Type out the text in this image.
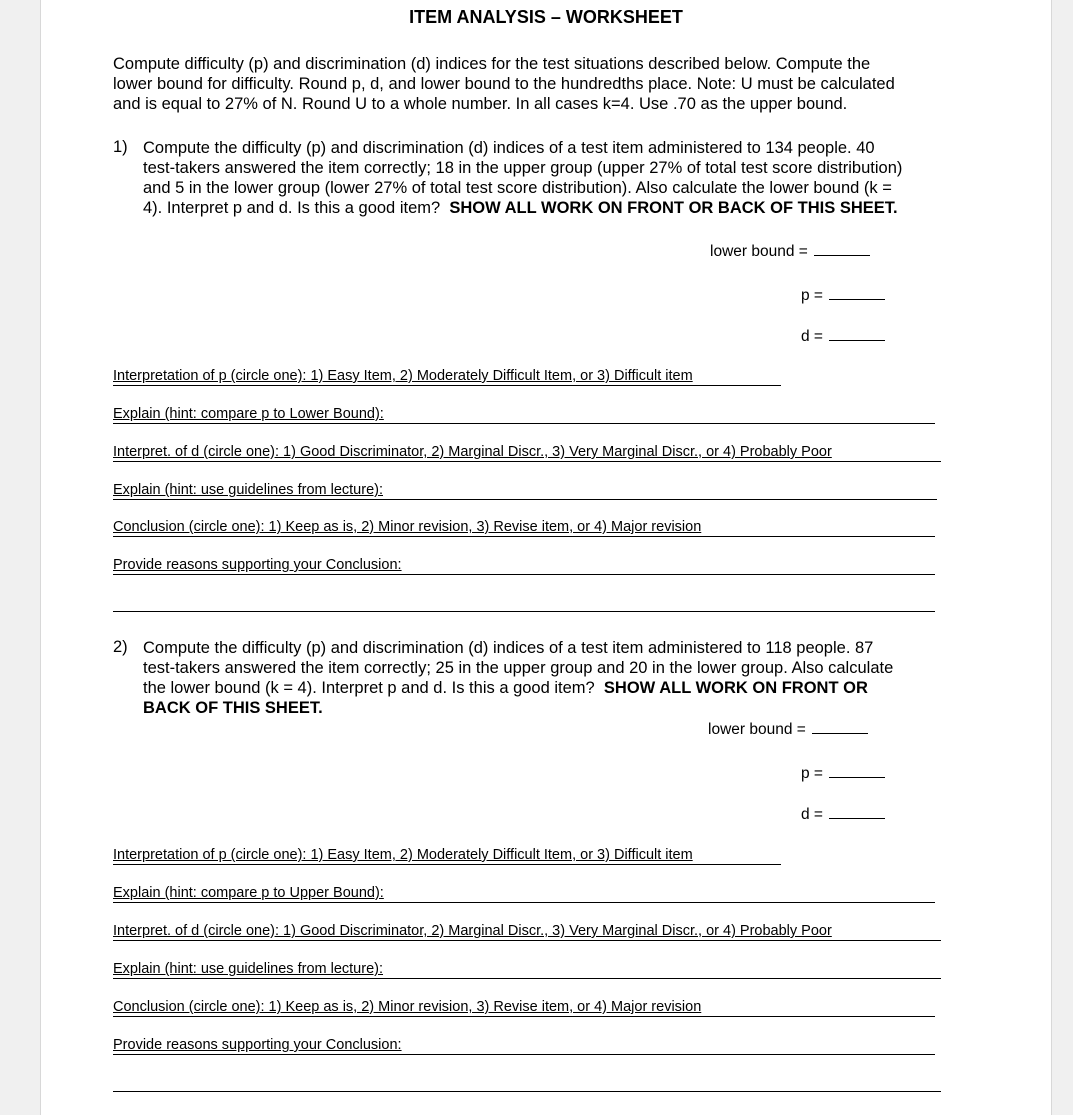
ITEM ANALYSIS – WORKSHEET

Compute difficulty (p) and discrimination (d) indices for the test situations described below. Compute the

lower bound for difficulty. Round p, d, and lower bound to the hundredths place. Note: U must be calculated

and is equal to 27% of N. Round U to a whole number. In all cases k=4. Use .70 as the upper bound.

1) Compute the difficulty (p) and discrimination (d) indices of a test item administered to 134 people. 40

test-takers answered the item correctly; 18 in the upper group (upper 27% of total test score distribution)

and 5 in the lower group (lower 27% of total test score distribution). Also calculate the lower bound (k =

4). Interpret p and d. Is this a good item? SHOW ALL WORK ON FRONT OR BACK OF THIS SHEET.

lower bound =
p =
d =
Interpretation of p (circle one): 1) Easy Item, 2) Moderately Difficult Item, or 3) Difficult item
Explain (hint: compare p to Lower Bound):
Interpret. of d (circle one): 1) Good Discriminator, 2) Marginal Discr., 3) Very Marginal Discr., or 4) Probably Poor
Explain (hint: use guidelines from lecture):
Conclusion (circle one): 1) Keep as is, 2) Minor revision, 3) Revise item, or 4) Major revision
Provide reasons supporting your Conclusion:
2) Compute the difficulty (p) and discrimination (d) indices of a test item administered to 118 people. 87

test-takers answered the item correctly; 25 in the upper group and 20 in the lower group. Also calculate

the lower bound (k = 4). Interpret p and d. Is this a good item? SHOW ALL WORK ON FRONT OR

BACK OF THIS SHEET.

lower bound =
p =
d =
Interpretation of p (circle one): 1) Easy Item, 2) Moderately Difficult Item, or 3) Difficult item
Explain (hint: compare p to Upper Bound):
Interpret. of d (circle one): 1) Good Discriminator, 2) Marginal Discr., 3) Very Marginal Discr., or 4) Probably Poor
Explain (hint: use guidelines from lecture):
Conclusion (circle one): 1) Keep as is, 2) Minor revision, 3) Revise item, or 4) Major revision
Provide reasons supporting your Conclusion:
